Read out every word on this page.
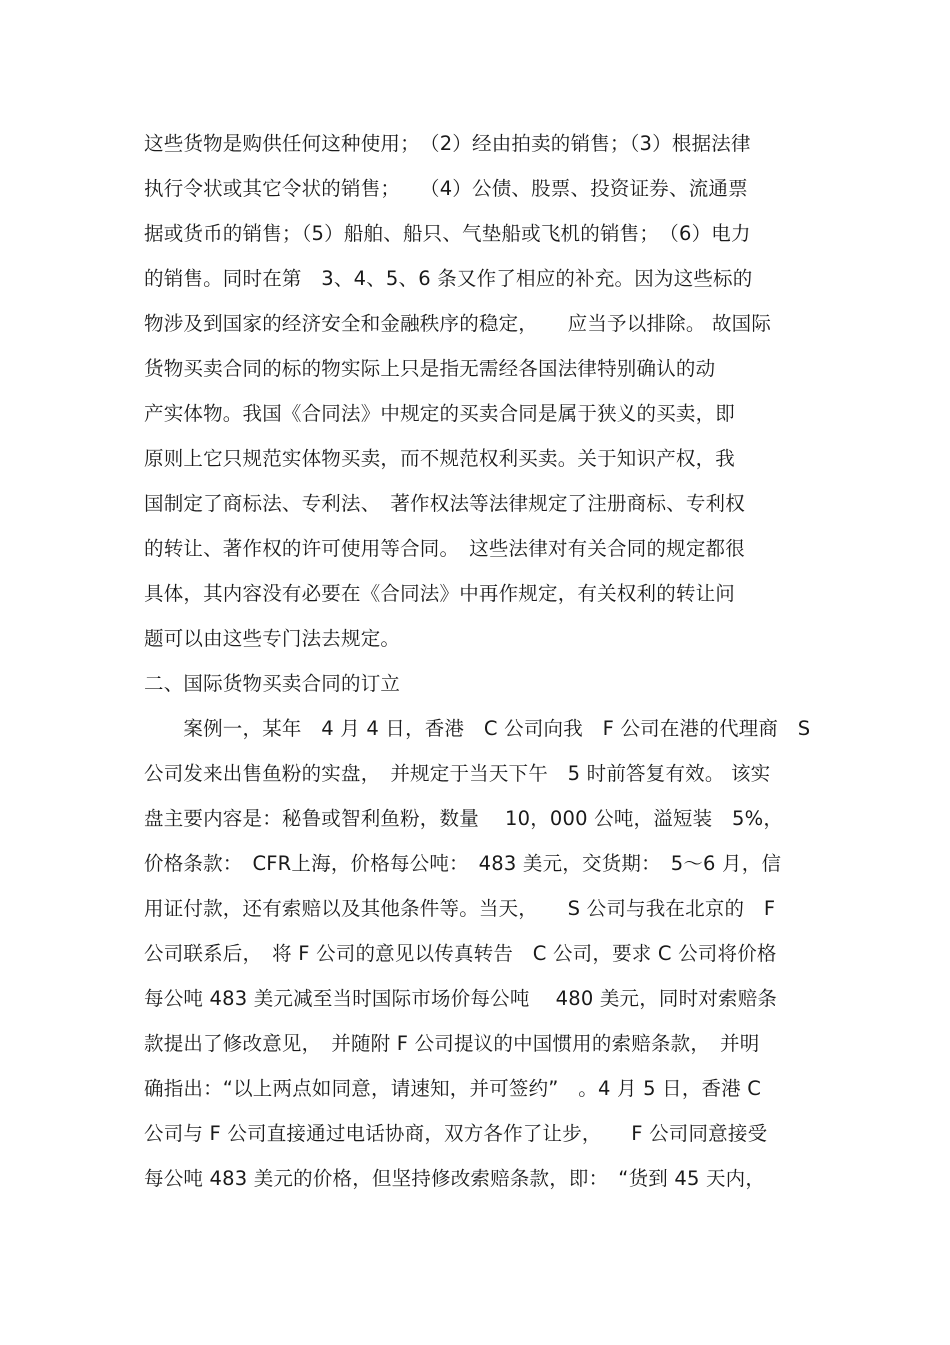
这些货物是购供任何这种使用；　（2）经由拍卖的销售；（3）根据法律
执行令状或其它令状的销售；　　（4）公债、股票、投资证券、流通票
据或货币的销售；（5）船舶、船只、气垫船或飞机的销售；　（6）电力
的销售。同时在第　3、4、5、6 条又作了相应的补充。因为这些标的
物涉及到国家的经济安全和金融秩序的稳定，　　应当予以排除。 故国际
货物买卖合同的标的物实际上只是指无需经各国法律特别确认的动
产实体物。我国《合同法》中规定的买卖合同是属于狭义的买卖，即
原则上它只规范实体物买卖，而不规范权利买卖。关于知识产权，我
国制定了商标法、专利法、　著作权法等法律规定了注册商标、专利权
的转让、著作权的许可使用等合同。　这些法律对有关合同的规定都很
具体，其内容没有必要在《合同法》中再作规定，有关权利的转让问
题可以由这些专门法去规定。
二、国际货物买卖合同的订立
　　案例一，某年　4 月 4 日，香港　C 公司向我　F 公司在港的代理商　S
公司发来出售鱼粉的实盘，　并规定于当天下午　5 时前答复有效。 该实
盘主要内容是：秘鲁或智利鱼粉，数量　 10，000 公吨，溢短装　5%，
价格条款：　CFR上海，价格每公吨：　483 美元，交货期：　5～6 月，信
用证付款，还有索赔以及其他条件等。当天，　　S 公司与我在北京的　F
公司联系后，　将 F 公司的意见以传真转告　C 公司，要求 C 公司将价格
每公吨 483 美元减至当时国际市场价每公吨　 480 美元，同时对索赔条
款提出了修改意见，　并随附 F 公司提议的中国惯用的索赔条款，　并明
确指出：“以上两点如同意，请速知，并可签约”　。4 月 5 日，香港 C
公司与 F 公司直接通过电话协商，双方各作了让步，　　F 公司同意接受
每公吨 483 美元的价格，但坚持修改索赔条款，即：　“货到 45 天内，
